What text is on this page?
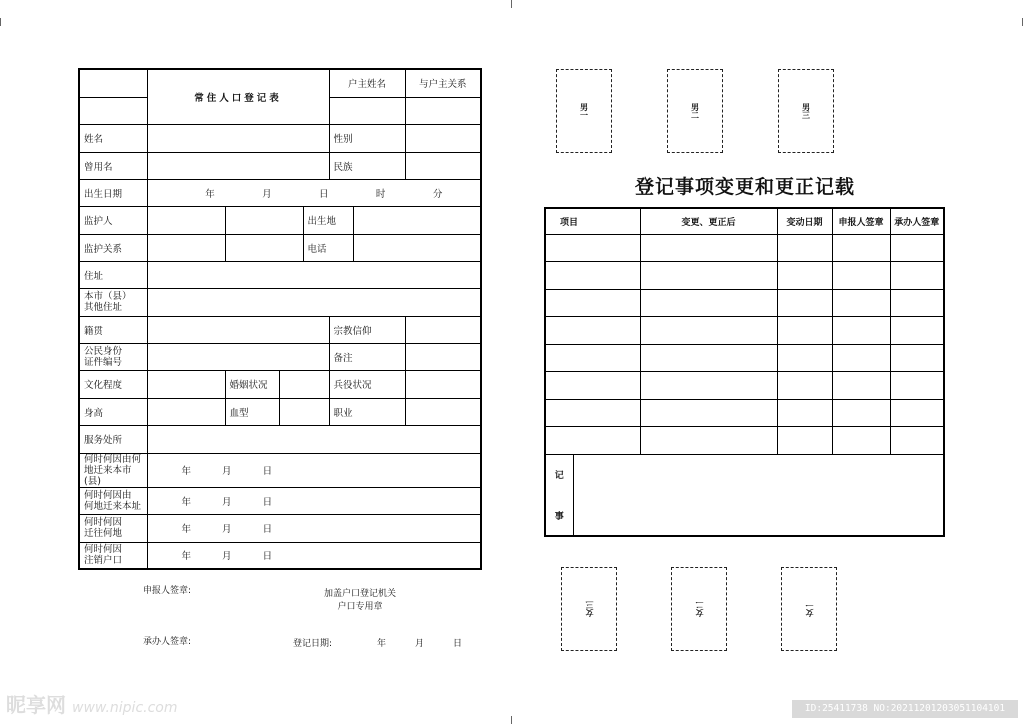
	常住人口登记表				户主姓名		与户主关系

姓名					性别		
曾用名					民族		
出生日期	年 月 日 时 分						

监护人				出生地			
监护关系				电话			
住址							
本市（县）
其他住址							
籍贯					宗教信仰		
公民身份
证件编号					备注		
文化程度		婚姻状况			兵役状况		
身高		血型			职业		
服务处所							
何时何因由何
地迁来本市(县)	年 月 日						
何时何因由
何地迁来本址	年 月 日						
何时何因
迁往何地	年 月 日						
何时何因
注销户口	年 月 日						
申报人签章:	加盖户口登记机关
户口专用章
承办人签章:	登记日期:	年	月	日
男一	男二	男三
登记事项变更和更正记载
项目		变更、更正后	变动日期	申报人签章	承办人签章

记
事					

女三	女二	女一
昵享网 www.nipic.com	ID:25411738 NO:20211201203051104101
